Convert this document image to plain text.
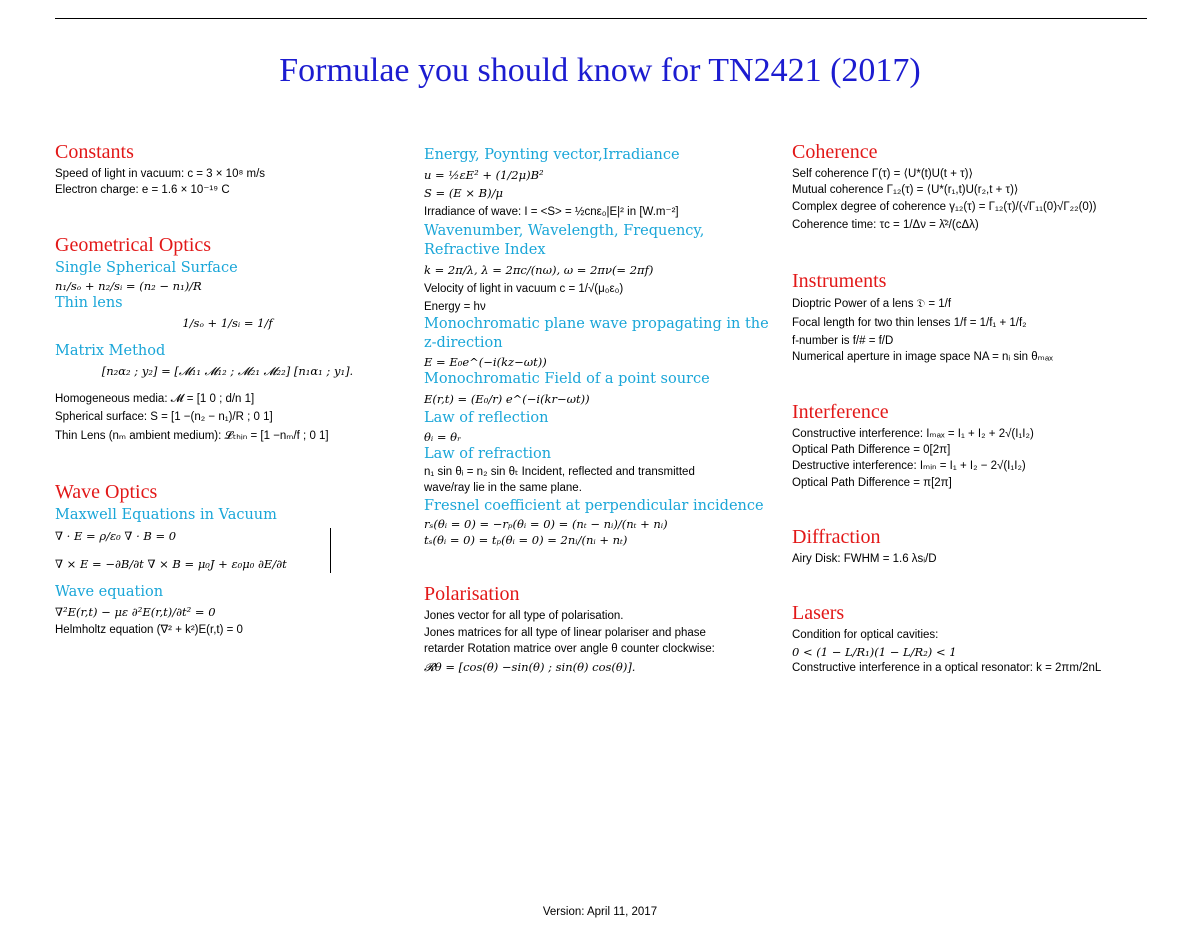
Formulae you should know for TN2421 (2017)
Constants
Speed of light in vacuum: c = 3 × 10⁸ m/s
Electron charge: e = 1.6 × 10⁻¹⁹ C
Geometrical Optics
Single Spherical Surface
n₁/sₒ + n₂/sᵢ = (n₂ − n₁)/R
Thin lens
1/sₒ + 1/sᵢ = 1/f
Matrix Method
[n₂α₂ ; y₂] = [𝓜₁₁ 𝓜₁₂ ; 𝓜₂₁ 𝓜₂₂] [n₁α₁ ; y₁].
Homogeneous media: 𝓜 = [1 0 ; d/n 1]
Spherical surface: S = [1 −(n₂ − n₁)/R ; 0 1]
Thin Lens (nₘ ambient medium): 𝓛ₜₕᵢₙ = [1 −nₘ/f ; 0 1]
Wave Optics
Maxwell Equations in Vacuum
∇ · E = ρ/ε₀ ∇ · B = 0
∇ × E = −∂B/∂t ∇ × B = μ₀J + ε₀μ₀ ∂E/∂t
Wave equation
∇²E(r,t) − με ∂²E(r,t)/∂t² = 0
Helmholtz equation (∇² + k²)E(r,t) = 0
Energy, Poynting vector,Irradiance
u = ½εE² + (1/2μ)B²
S = (E × B)/μ
Irradiance of wave: I = <S> = ½cnε₀|E|² in [W.m⁻²]
Wavenumber, Wavelength, Frequency, Refractive Index
k = 2π/λ, λ = 2πc/(nω), ω = 2πν(= 2πf)
Velocity of light in vacuum c = 1/√(μ₀ε₀)
Energy = hν
Monochromatic plane wave propagating in the z-direction
E = E₀e^(−i(kz−ωt))
Monochromatic Field of a point source
E(r,t) = (E₀/r) e^(−i(kr−ωt))
Law of reflection
θᵢ = θᵣ
Law of refraction
n₁ sin θᵢ = n₂ sin θₜ Incident, reflected and transmitted
wave/ray lie in the same plane.
Fresnel coefficient at perpendicular incidence
rₛ(θᵢ = 0) = −rₚ(θᵢ = 0) = (nₜ − nᵢ)/(nₜ + nᵢ)
tₛ(θᵢ = 0) = tₚ(θᵢ = 0) = 2nᵢ/(nᵢ + nₜ)
Polarisation
Jones vector for all type of polarisation.
Jones matrices for all type of linear polariser and phase
retarder Rotation matrice over angle θ counter clockwise:
𝓡θ = [cos(θ) −sin(θ) ; sin(θ) cos(θ)].
Coherence
Self coherence Γ(τ) = ⟨U*(t)U(t + τ)⟩
Mutual coherence Γ₁₂(τ) = ⟨U*(r₁,t)U(r₂,t + τ)⟩
Complex degree of coherence γ₁₂(τ) = Γ₁₂(τ)/(√Γ₁₁(0)√Γ₂₂(0))
Coherence time: τc = 1/Δν = λ̄²/(cΔλ)
Instruments
Dioptric Power of a lens 𝔇 = 1/f
Focal length for two thin lenses 1/f = 1/f₁ + 1/f₂
f-number is f/# = f/D
Numerical aperture in image space NA = nᵢ sin θₘₐₓ
Interference
Constructive interference: Iₘₐₓ = I₁ + I₂ + 2√(I₁I₂)
Optical Path Difference = 0[2π]
Destructive interference: Iₘᵢₙ = I₁ + I₂ − 2√(I₁I₂)
Optical Path Difference = π[2π]
Diffraction
Airy Disk: FWHM = 1.6 λsᵢ/D
Lasers
Condition for optical cavities:
0 < (1 − L/R₁)(1 − L/R₂) < 1
Constructive interference in a optical resonator: k = 2πm/2nL
Version: April 11, 2017
